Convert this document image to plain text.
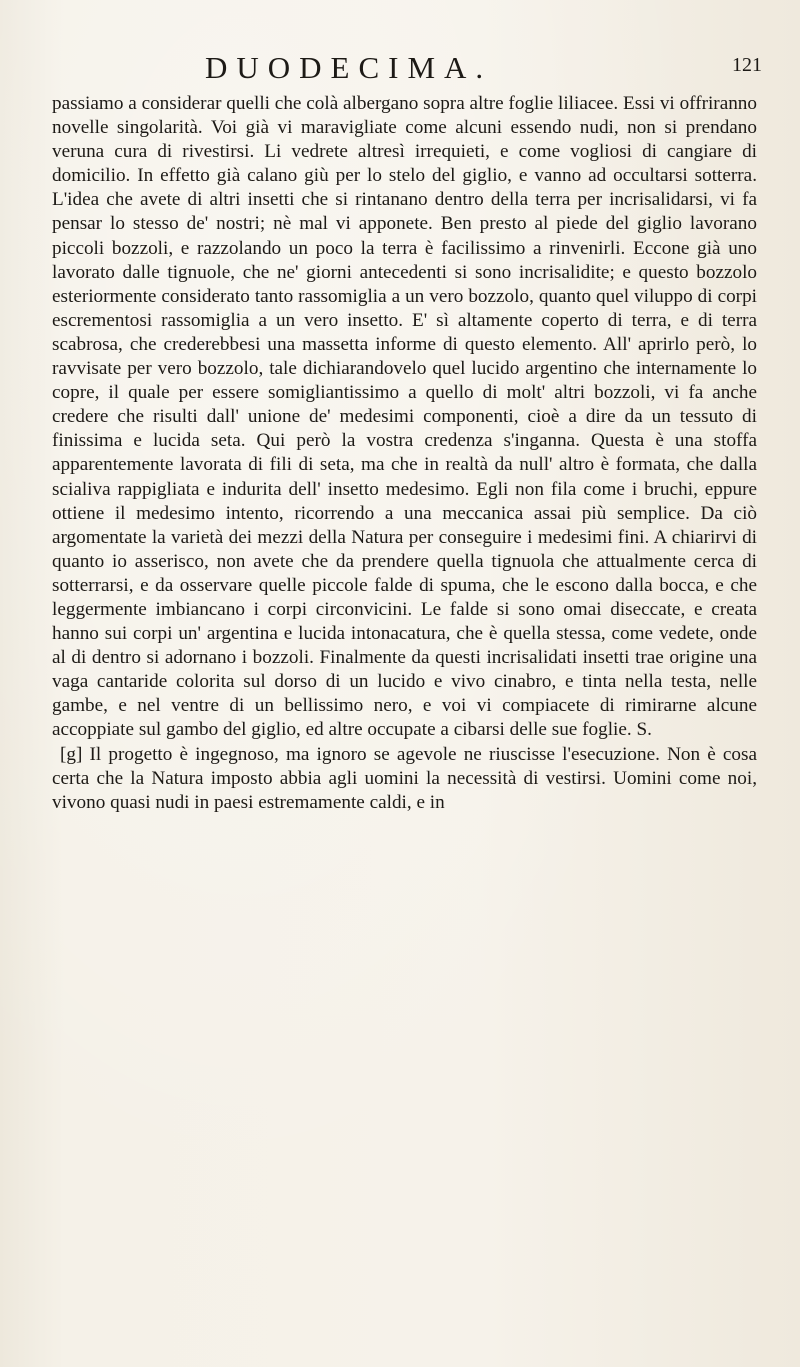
DUODECIMA.	121

passiamo a considerar quelli che colà albergano sopra altre foglie liliacee. Essi vi offriranno novelle singolarità. Voi già vi maravigliate come alcuni essendo nudi, non si prendano veruna cura di rivestirsi. Li vedrete altresì irrequieti, e come vogliosi di cangiare di domicilio. In effetto già calano giù per lo stelo del giglio, e vanno ad occultarsi sotterra. L'idea che avete di altri insetti che si rintanano dentro della terra per incrisalidarsi, vi fa pensar lo stesso de' nostri; nè mal vi apponete. Ben presto al piede del giglio lavorano piccoli bozzoli, e razzolando un poco la terra è facilissimo a rinvenirli. Eccone già uno lavorato dalle tignuole, che ne' giorni antecedenti si sono incrisalidite; e questo bozzolo esteriormente considerato tanto rassomiglia a un vero bozzolo, quanto quel viluppo di corpi escrementosi rassomiglia a un vero insetto. E' sì altamente coperto di terra, e di terra scabrosa, che crederebbesi una massetta informe di questo elemento. All' aprirlo però, lo ravvisate per vero bozzolo, tale dichiarandovelo quel lucido argentino che internamente lo copre, il quale per essere somigliantissimo a quello di molt' altri bozzoli, vi fa anche credere che risulti dall' unione de' medesimi componenti, cioè a dire da un tessuto di finissima e lucida seta. Qui però la vostra credenza s'inganna. Questa è una stoffa apparentemente lavorata di fili di seta, ma che in realtà da null' altro è formata, che dalla scialiva rappigliata e indurita dell' insetto medesimo. Egli non fila come i bruchi, eppure ottiene il medesimo intento, ricorrendo a una meccanica assai più semplice. Da ciò argomentate la varietà dei mezzi della Natura per conseguire i medesimi fini. A chiarirvi di quanto io asserisco, non avete che da prendere quella tignuola che attualmente cerca di sotterrarsi, e da osservare quelle piccole falde di spuma, che le escono dalla bocca, e che leggermente imbiancano i corpi circonvicini. Le falde si sono omai diseccate, e creata hanno sui corpi un' argentina e lucida intonacatura, che è quella stessa, come vedete, onde al di dentro si adornano i bozzoli. Finalmente da questi incrisalidati insetti trae origine una vaga cantaride colorita sul dorso di un lucido e vivo cinabro, e tinta nella testa, nelle gambe, e nel ventre di un bellissimo nero, e voi vi compiacete di rimirarne alcune accoppiate sul gambo del giglio, ed altre occupate a cibarsi delle sue foglie. S.

[g] Il progetto è ingegnoso, ma ignoro se agevole ne riuscisse l'esecuzione. Non è cosa certa che la Natura imposto abbia agli uomini la necessità di vestirsi. Uomini come noi, vivono quasi nudi in paesi estremamente caldi, e in
